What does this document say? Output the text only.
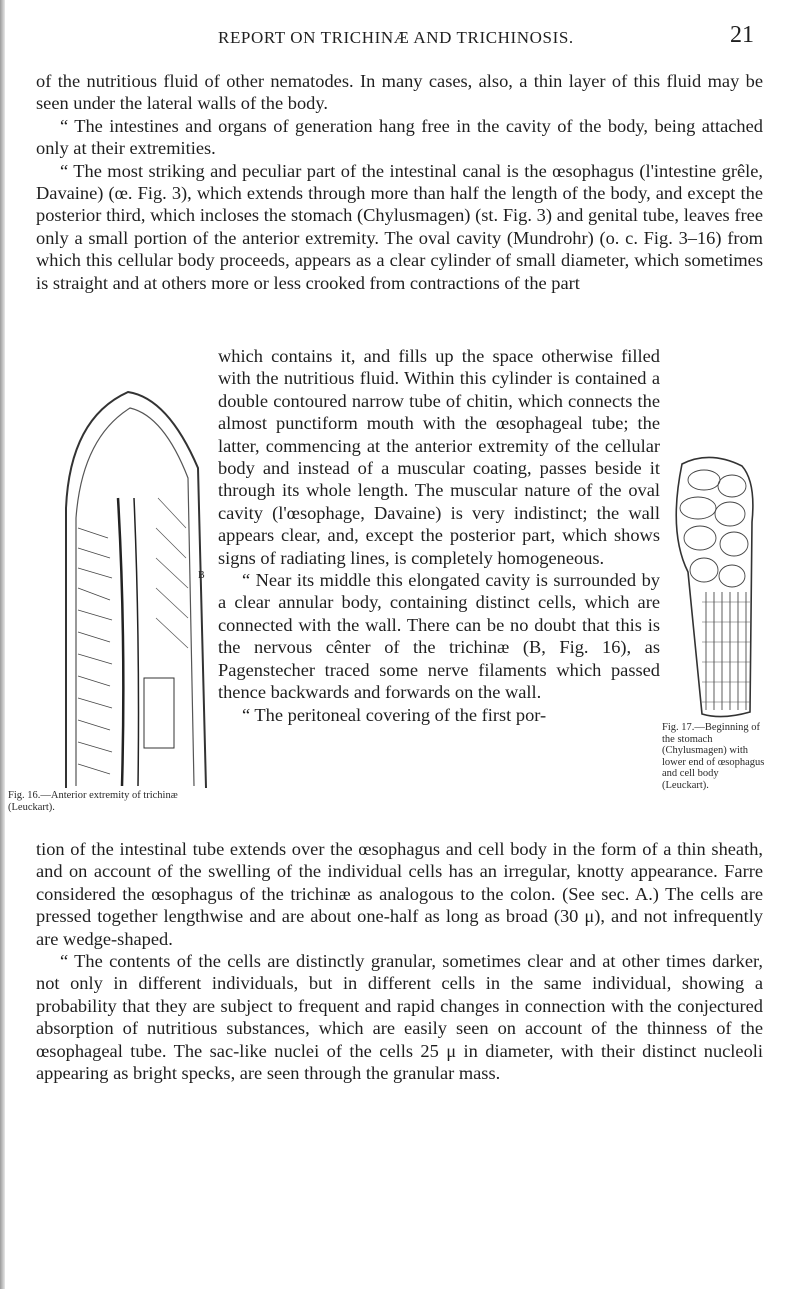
REPORT ON TRICHINÆ AND TRICHINOSIS.	21

of the nutritious fluid of other nematodes. In many cases, also, a thin layer of this fluid may be seen under the lateral walls of the body.

“ The intestines and organs of generation hang free in the cavity of the body, being attached only at their extremities.

“ The most striking and peculiar part of the intestinal canal is the œsophagus (l'intestine grêle, Davaine) (œ. Fig. 3), which extends through more than half the length of the body, and except the posterior third, which incloses the stomach (Chylusmagen) (st. Fig. 3) and genital tube, leaves free only a small portion of the anterior extremity. The oval cavity (Mundrohr) (o. c. Fig. 3–16) from which this cellular body proceeds, appears as a clear cylinder of small diameter, which sometimes is straight and at others more or less crooked from contractions of the part

which contains it, and fills up the space otherwise filled with the nutritious fluid. Within this cylinder is contained a double contoured narrow tube of chitin, which connects the almost punctiform mouth with the œsophageal tube; the latter, commencing at the anterior extremity of the cellular body and instead of a muscular coating, passes beside it through its whole length. The muscular nature of the oval cavity (l'œsophage, Davaine) is very indistinct; the wall appears clear, and, except the posterior part, which shows signs of radiating lines, is completely homogeneous.

“ Near its middle this elongated cavity is surrounded by a clear annular body, containing distinct cells, which are connected with the wall. There can be no doubt that this is the nervous cênter of the trichinæ (B, Fig. 16), as Pagenstecher traced some nerve filaments which passed thence backwards and forwards on the wall.

“ The peritoneal covering of the first por-

B
Fig. 16.—Anterior extremity of trichinæ (Leuckart).
Fig. 17.—Beginning of the stomach (Chylusmagen) with lower end of œsophagus and cell body (Leuckart).

tion of the intestinal tube extends over the œsophagus and cell body in the form of a thin sheath, and on account of the swelling of the individual cells has an irregular, knotty appearance. Farre considered the œsophagus of the trichinæ as analogous to the colon. (See sec. A.) The cells are pressed together lengthwise and are about one-half as long as broad (30 μ), and not infrequently are wedge-shaped.

“ The contents of the cells are distinctly granular, sometimes clear and at other times darker, not only in different individuals, but in different cells in the same individual, showing a probability that they are subject to frequent and rapid changes in connection with the conjectured absorption of nutritious substances, which are easily seen on account of the thinness of the œsophageal tube. The sac-like nuclei of the cells 25 μ in diameter, with their distinct nucleoli appearing as bright specks, are seen through the granular mass.
